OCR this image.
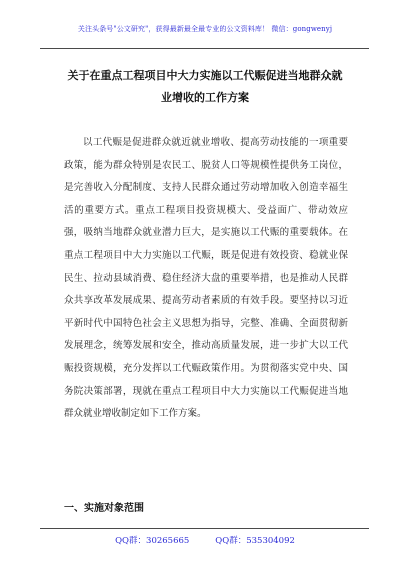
关注头条号"公文研究"，获得最新最全最专业的公文资料库！ 微信：gongwenyj
关于在重点工程项目中大力实施以工代赈促进当地群众就业增收的工作方案

以工代赈是促进群众就近就业增收、提高劳动技能的一项重要政策，能为群众特别是农民工、脱贫人口等规模性提供务工岗位，是完善收入分配制度、支持人民群众通过劳动增加收入创造幸福生活的重要方式。重点工程项目投资规模大、受益面广、带动效应强，吸纳当地群众就业潜力巨大，是实施以工代赈的重要载体。在重点工程项目中大力实施以工代赈，既是促进有效投资、稳就业保民生、拉动县域消费、稳住经济大盘的重要举措，也是推动人民群众共享改革发展成果、提高劳动者素质的有效手段。要坚持以习近平新时代中国特色社会主义思想为指导，完整、准确、全面贯彻新发展理念，统筹发展和安全，推动高质量发展，进一步扩大以工代赈投资规模，充分发挥以工代赈政策作用。为贯彻落实党中央、国务院决策部署，现就在重点工程项目中大力实施以工代赈促进当地群众就业增收制定如下工作方案。

一、实施对象范围
QQ群：30265665	QQ群：535304092
